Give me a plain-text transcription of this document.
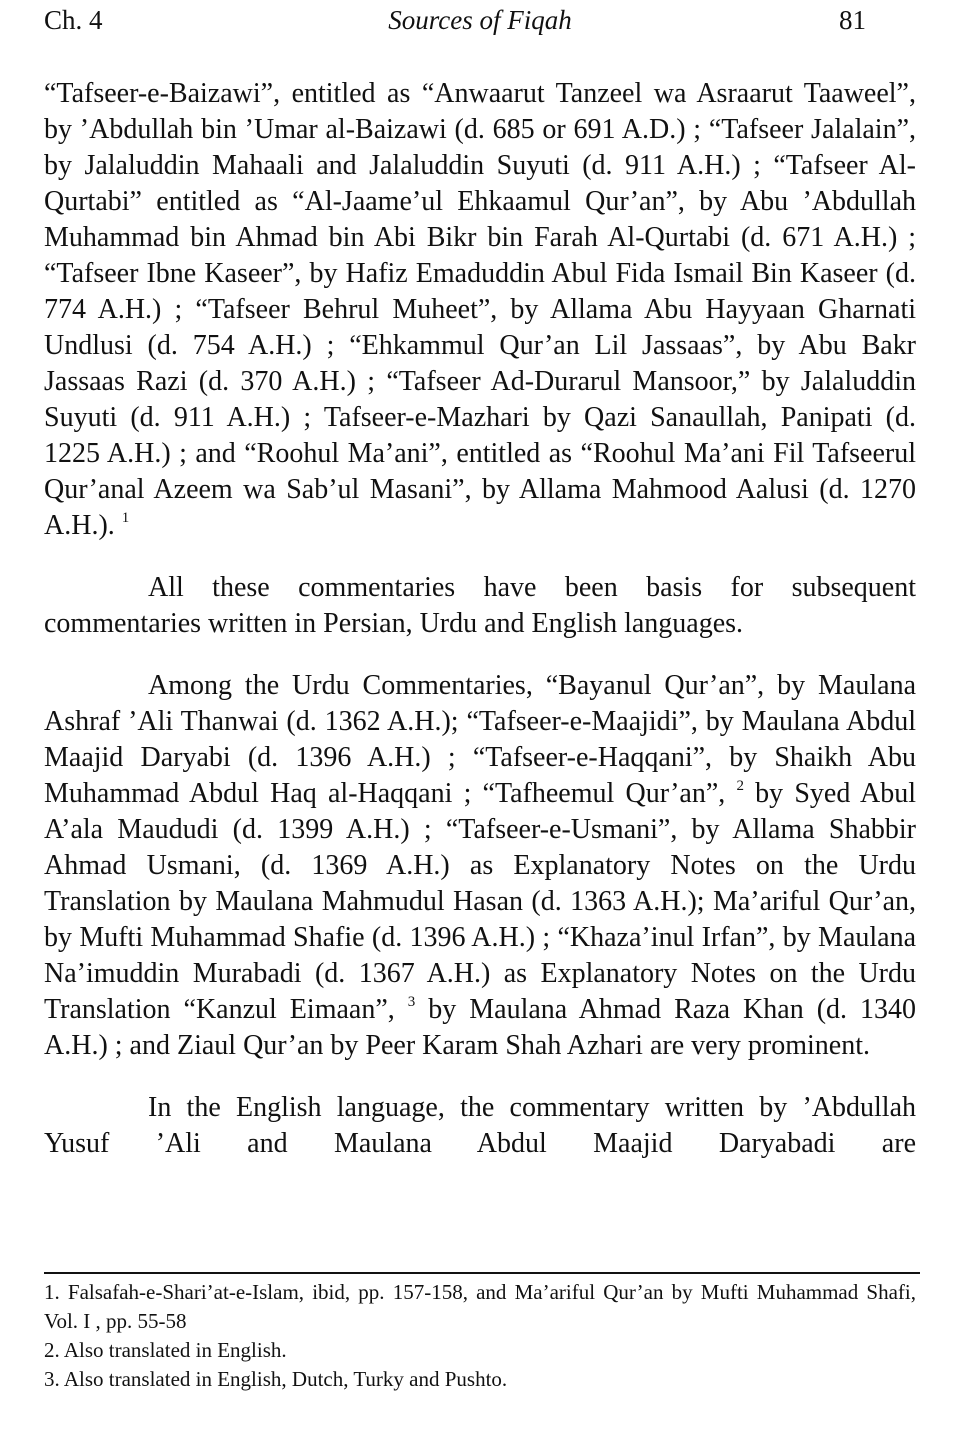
Ch. 4	Sources of Fiqah	81

“Tafseer-e-Baizawi”, entitled as “Anwaarut Tanzeel wa Asraarut Taaweel”, by ’Abdullah bin ’Umar al-Baizawi (d. 685 or 691 A.D.) ; “Tafseer Jalalain”, by Jalaluddin Mahaali and Jalaluddin Suyuti (d. 911 A.H.) ; “Tafseer Al-Qurtabi” entitled as “Al-Jaame’ul Ehkaamul Qur’an”, by Abu ’Abdullah Muhammad bin Ahmad bin Abi Bikr bin Farah Al-Qurtabi (d. 671 A.H.) ; “Tafseer Ibne Kaseer”, by Hafiz Emaduddin Abul Fida Ismail Bin Kaseer (d. 774 A.H.) ; “Tafseer Behrul Muheet”, by Allama Abu Hayyaan Gharnati Undlusi (d. 754 A.H.) ; “Ehkammul Qur’an Lil Jassaas”, by Abu Bakr Jassaas Razi (d. 370 A.H.) ; “Tafseer Ad-Durarul Mansoor,” by Jalaluddin Suyuti (d. 911 A.H.) ; Tafseer-e-Mazhari by Qazi Sanaullah, Panipati (d. 1225 A.H.) ; and “Roohul Ma’ani”, entitled as “Roohul Ma’ani Fil Tafseerul Qur’anal Azeem wa Sab’ul Masani”, by Allama Mahmood Aalusi (d. 1270 A.H.). $^1$

All these commentaries have been basis for subsequent commentaries written in Persian, Urdu and English languages.

Among the Urdu Commentaries, “Bayanul Qur’an”, by Maulana Ashraf ’Ali Thanwai (d. 1362 A.H.); “Tafseer-e-Maajidi”, by Maulana Abdul Maajid Daryabi (d. 1396 A.H.) ; “Tafseer-e-Haqqani”, by Shaikh Abu Muhammad Abdul Haq al-Haqqani ; “Tafheemul Qur’an”, $^2$ by Syed Abul A’ala Maududi (d. 1399 A.H.) ; “Tafseer-e-Usmani”, by Allama Shabbir Ahmad Usmani, (d. 1369 A.H.) as Explanatory Notes on the Urdu Translation by Maulana Mahmudul Hasan (d. 1363 A.H.); Ma’ariful Qur’an, by Mufti Muhammad Shafie (d. 1396 A.H.) ; “Khaza’inul Irfan”, by Maulana Na’imuddin Murabadi (d. 1367 A.H.) as Explanatory Notes on the Urdu Translation “Kanzul Eimaan”, $^3$ by Maulana Ahmad Raza Khan (d. 1340 A.H.) ; and Ziaul Qur’an by Peer Karam Shah Azhari are very prominent.

In the English language, the commentary written by ’Abdullah Yusuf ’Ali and Maulana Abdul Maajid Daryabadi are

1. Falsafah-e-Shari’at-e-Islam, ibid, pp. 157-158, and Ma’ariful Qur’an by Mufti Muhammad Shafi, Vol. I , pp. 55-58

2. Also translated in English.

3. Also translated in English, Dutch, Turky and Pushto.
